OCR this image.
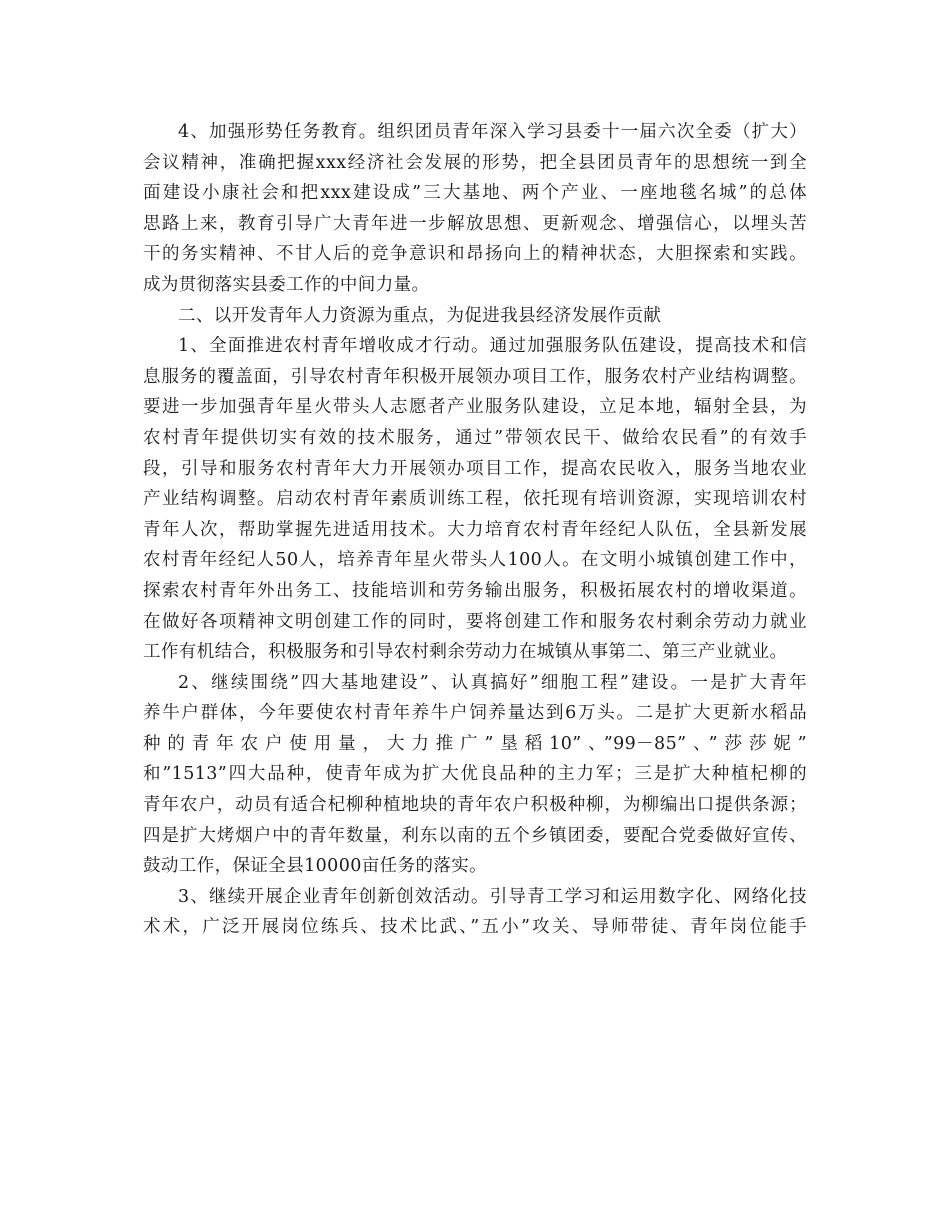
4、加强形势任务教育。组织团员青年深入学习县委十一届六次全委（扩大）
会议精神，准确把握xxx经济社会发展的形势，把全县团员青年的思想统一到全
面建设小康社会和把xxx建设成”三大基地、两个产业、一座地毯名城”的总体
思路上来，教育引导广大青年进一步解放思想、更新观念、增强信心，以埋头苦
干的务实精神、不甘人后的竞争意识和昂扬向上的精神状态，大胆探索和实践。
成为贯彻落实县委工作的中间力量。
二、以开发青年人力资源为重点，为促进我县经济发展作贡献
1、全面推进农村青年增收成才行动。通过加强服务队伍建设，提高技术和信
息服务的覆盖面，引导农村青年积极开展领办项目工作，服务农村产业结构调整。
要进一步加强青年星火带头人志愿者产业服务队建设，立足本地，辐射全县，为
农村青年提供切实有效的技术服务，通过”带领农民干、做给农民看”的有效手
段，引导和服务农村青年大力开展领办项目工作，提高农民收入，服务当地农业
产业结构调整。启动农村青年素质训练工程，依托现有培训资源，实现培训农村
青年人次，帮助掌握先进适用技术。大力培育农村青年经纪人队伍，全县新发展
农村青年经纪人50人，培养青年星火带头人100人。在文明小城镇创建工作中，
探索农村青年外出务工、技能培训和劳务输出服务，积极拓展农村的增收渠道。
在做好各项精神文明创建工作的同时，要将创建工作和服务农村剩余劳动力就业
工作有机结合，积极服务和引导农村剩余劳动力在城镇从事第二、第三产业就业。
2、继续围绕”四大基地建设”、认真搞好”细胞工程”建设。一是扩大青年
养牛户群体，今年要使农村青年养牛户饲养量达到6万头。二是扩大更新水稻品
种的青年农户使用量，大力推广”垦稻10”、”99－85”、”莎莎妮”
和”1513”四大品种，使青年成为扩大优良品种的主力军；三是扩大种植杞柳的
青年农户，动员有适合杞柳种植地块的青年农户积极种柳，为柳编出口提供条源；
四是扩大烤烟户中的青年数量，利东以南的五个乡镇团委，要配合党委做好宣传、
鼓动工作，保证全县10000亩任务的落实。
3、继续开展企业青年创新创效活动。引导青工学习和运用数字化、网络化技
术术，广泛开展岗位练兵、技术比武、”五小”攻关、导师带徒、青年岗位能手
